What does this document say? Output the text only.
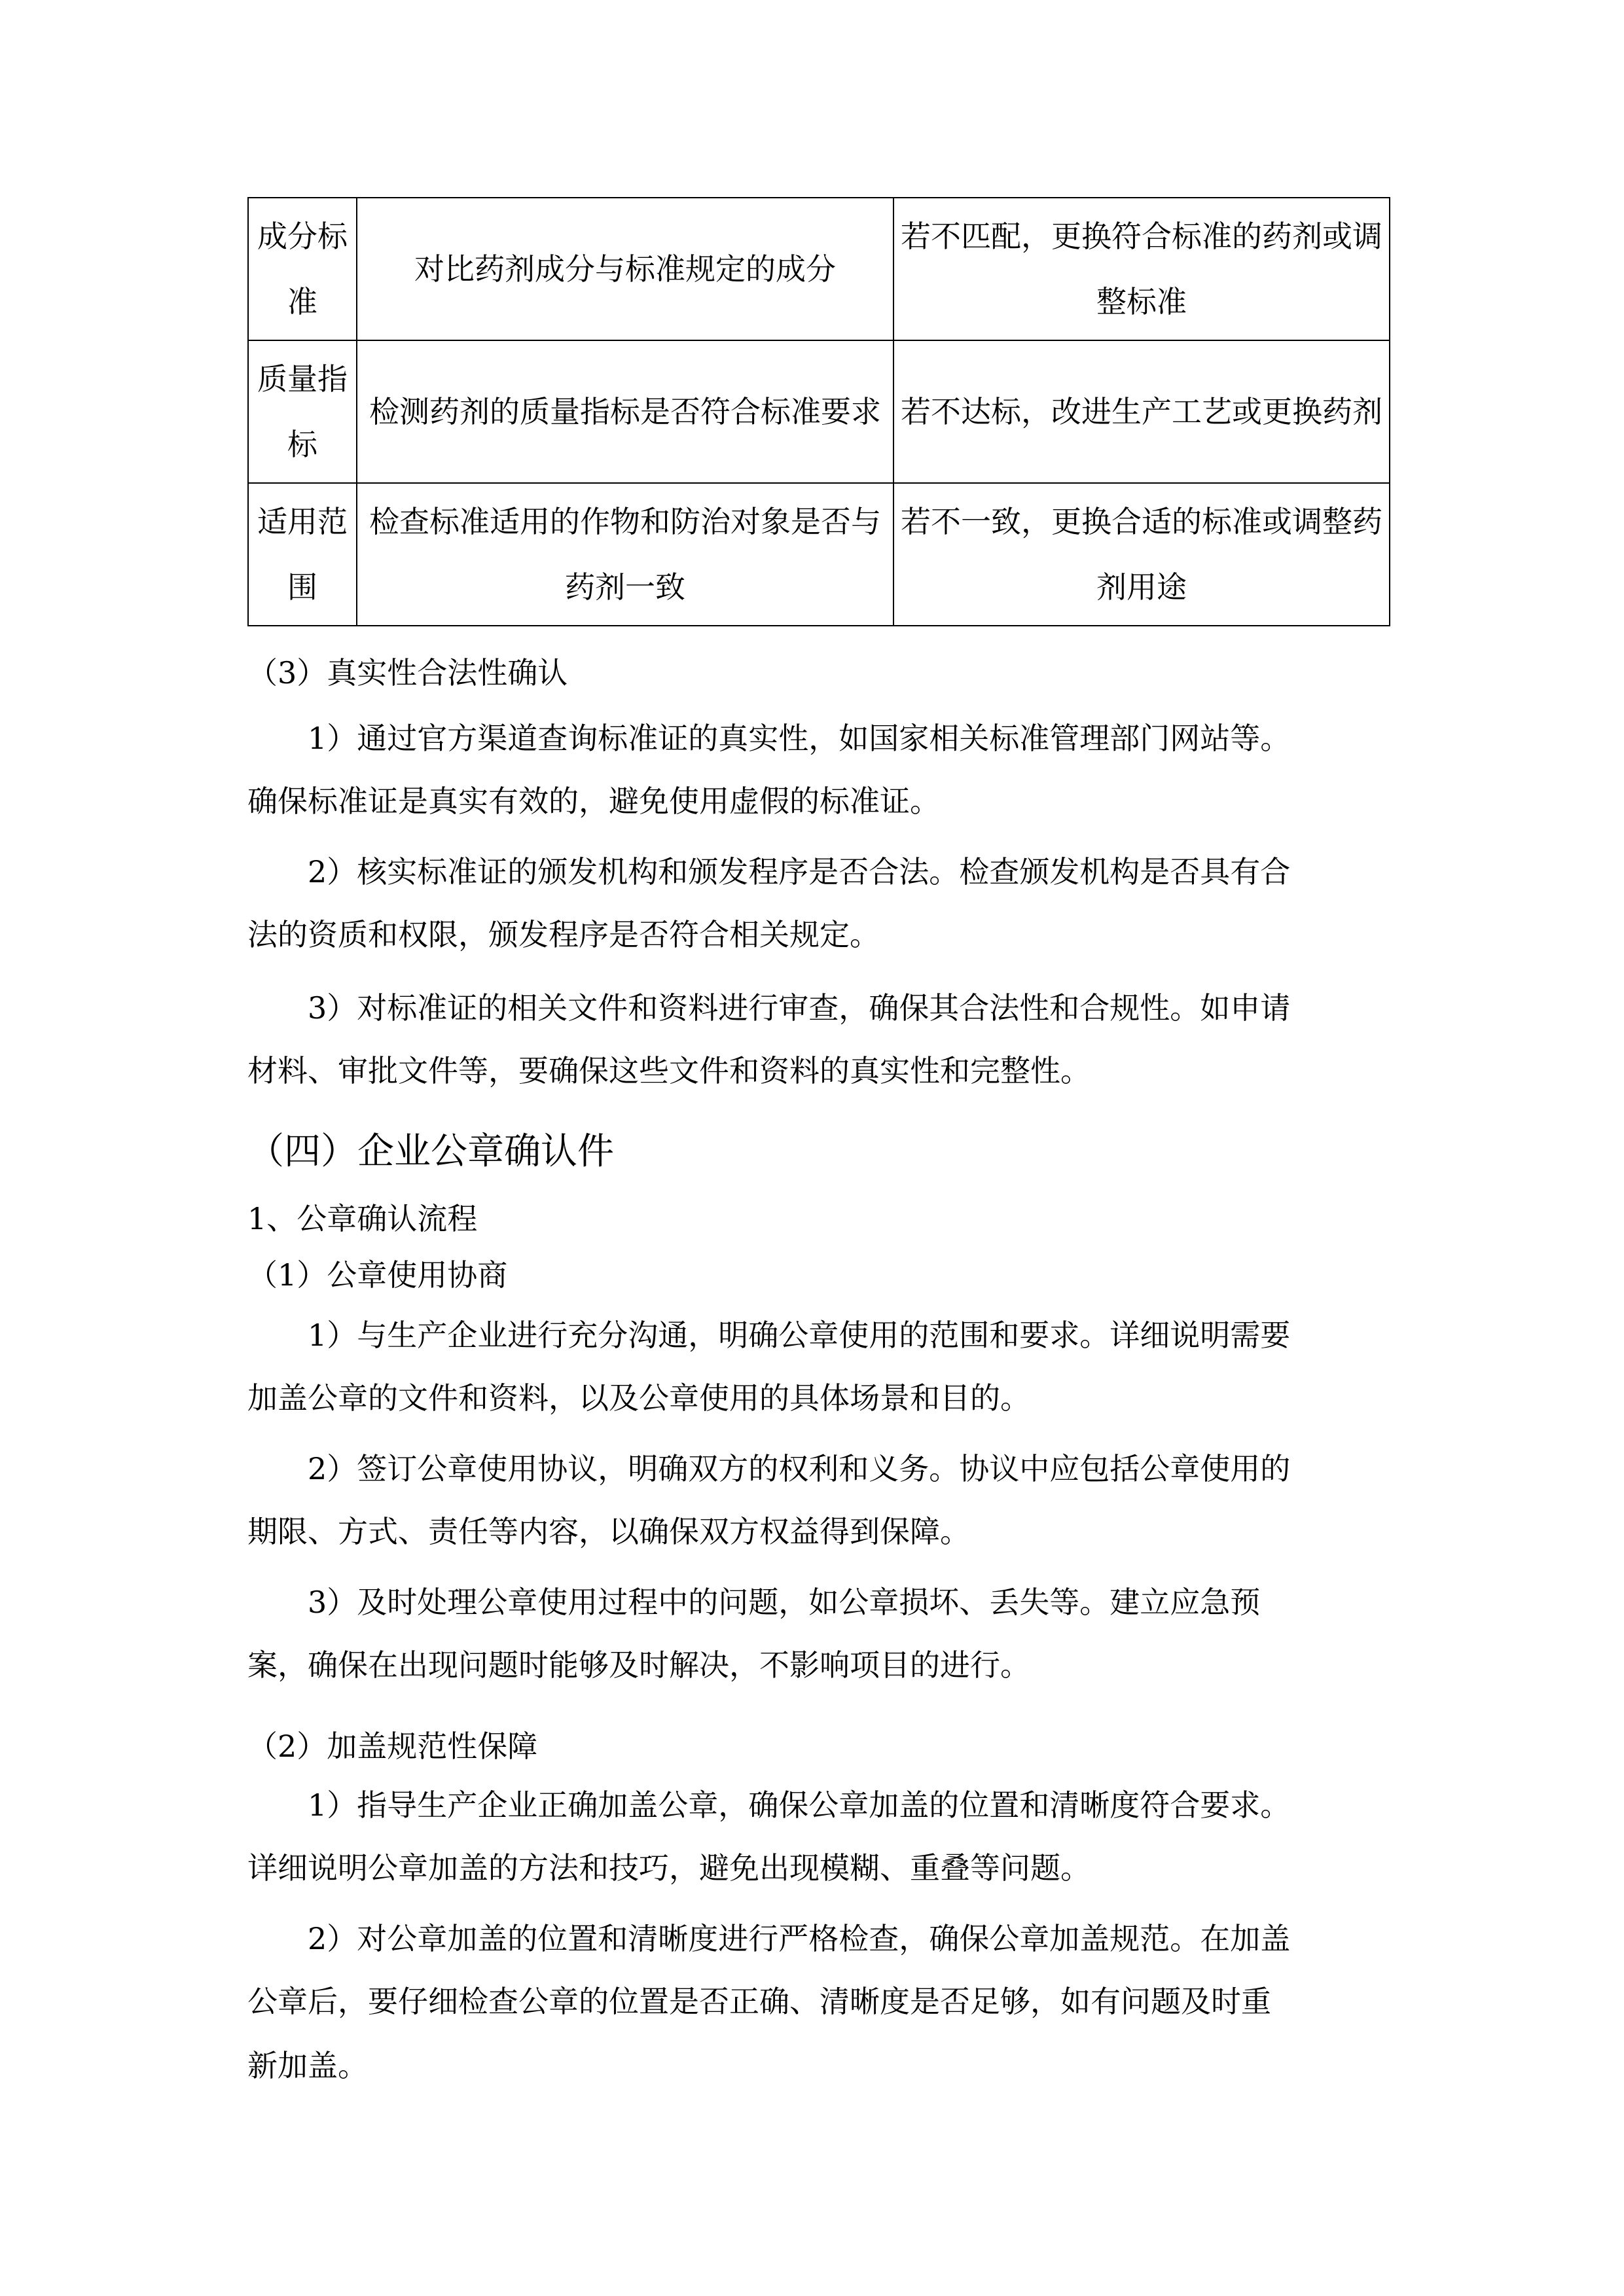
成分标准	对比药剂成分与标准规定的成分	若不匹配，更换符合标准的药剂或调整标准
质量指标	检测药剂的质量指标是否符合标准要求	若不达标，改进生产工艺或更换药剂
适用范围	检查标准适用的作物和防治对象是否与药剂一致	若不一致，更换合适的标准或调整药剂用途
（3）真实性合法性确认
1）通过官方渠道查询标准证的真实性，如国家相关标准管理部门网站等。
确保标准证是真实有效的，避免使用虚假的标准证。
2）核实标准证的颁发机构和颁发程序是否合法。检查颁发机构是否具有合
法的资质和权限，颁发程序是否符合相关规定。
3）对标准证的相关文件和资料进行审查，确保其合法性和合规性。如申请
材料、审批文件等，要确保这些文件和资料的真实性和完整性。
（四）企业公章确认件
1、公章确认流程
（1）公章使用协商
1）与生产企业进行充分沟通，明确公章使用的范围和要求。详细说明需要
加盖公章的文件和资料，以及公章使用的具体场景和目的。
2）签订公章使用协议，明确双方的权利和义务。协议中应包括公章使用的
期限、方式、责任等内容，以确保双方权益得到保障。
3）及时处理公章使用过程中的问题，如公章损坏、丢失等。建立应急预
案，确保在出现问题时能够及时解决，不影响项目的进行。
（2）加盖规范性保障
1）指导生产企业正确加盖公章，确保公章加盖的位置和清晰度符合要求。
详细说明公章加盖的方法和技巧，避免出现模糊、重叠等问题。
2）对公章加盖的位置和清晰度进行严格检查，确保公章加盖规范。在加盖
公章后，要仔细检查公章的位置是否正确、清晰度是否足够，如有问题及时重
新加盖。
